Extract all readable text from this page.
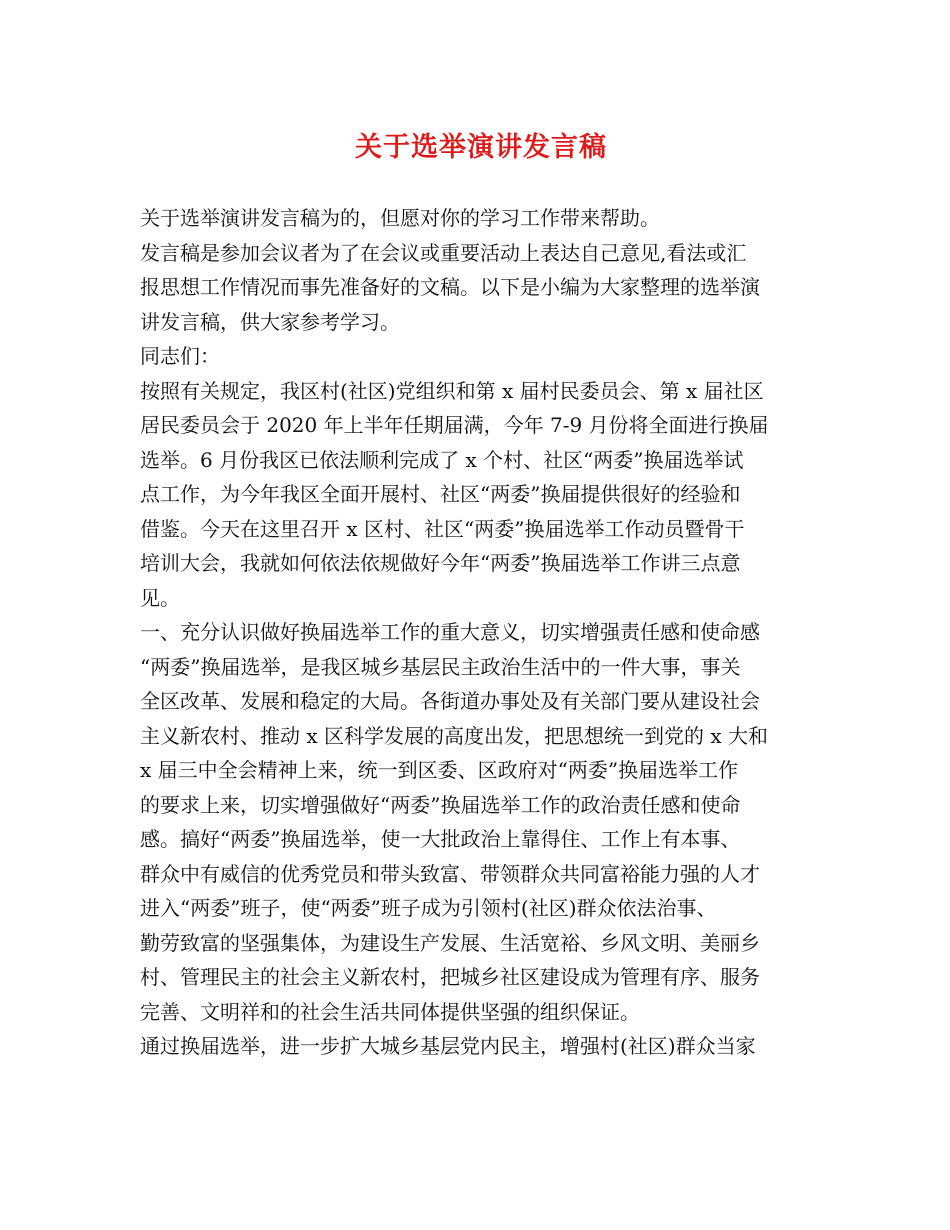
关于选举演讲发言稿

关于选举演讲发言稿为的，但愿对你的学习工作带来帮助。

发言稿是参加会议者为了在会议或重要活动上表达自己意见,看法或汇

报思想工作情况而事先准备好的文稿。以下是小编为大家整理的选举演

讲发言稿，供大家参考学习。

同志们：

按照有关规定，我区村(社区)党组织和第 x 届村民委员会、第 x 届社区

居民委员会于 2020 年上半年任期届满，今年 7-9 月份将全面进行换届

选举。6 月份我区已依法顺利完成了 x 个村、社区“两委”换届选举试

点工作，为今年我区全面开展村、社区“两委”换届提供很好的经验和

借鉴。今天在这里召开 x 区村、社区“两委”换届选举工作动员暨骨干

培训大会，我就如何依法依规做好今年“两委”换届选举工作讲三点意

见。

一、充分认识做好换届选举工作的重大意义，切实增强责任感和使命感

“两委”换届选举，是我区城乡基层民主政治生活中的一件大事，事关

全区改革、发展和稳定的大局。各街道办事处及有关部门要从建设社会

主义新农村、推动 x 区科学发展的高度出发，把思想统一到党的 x 大和

x 届三中全会精神上来，统一到区委、区政府对“两委”换届选举工作

的要求上来，切实增强做好“两委”换届选举工作的政治责任感和使命

感。搞好“两委”换届选举，使一大批政治上靠得住、工作上有本事、

群众中有威信的优秀党员和带头致富、带领群众共同富裕能力强的人才

进入“两委”班子，使“两委”班子成为引领村(社区)群众依法治事、

勤劳致富的坚强集体，为建设生产发展、生活宽裕、乡风文明、美丽乡

村、管理民主的社会主义新农村，把城乡社区建设成为管理有序、服务

完善、文明祥和的社会生活共同体提供坚强的组织保证。

通过换届选举，进一步扩大城乡基层党内民主，增强村(社区)群众当家
